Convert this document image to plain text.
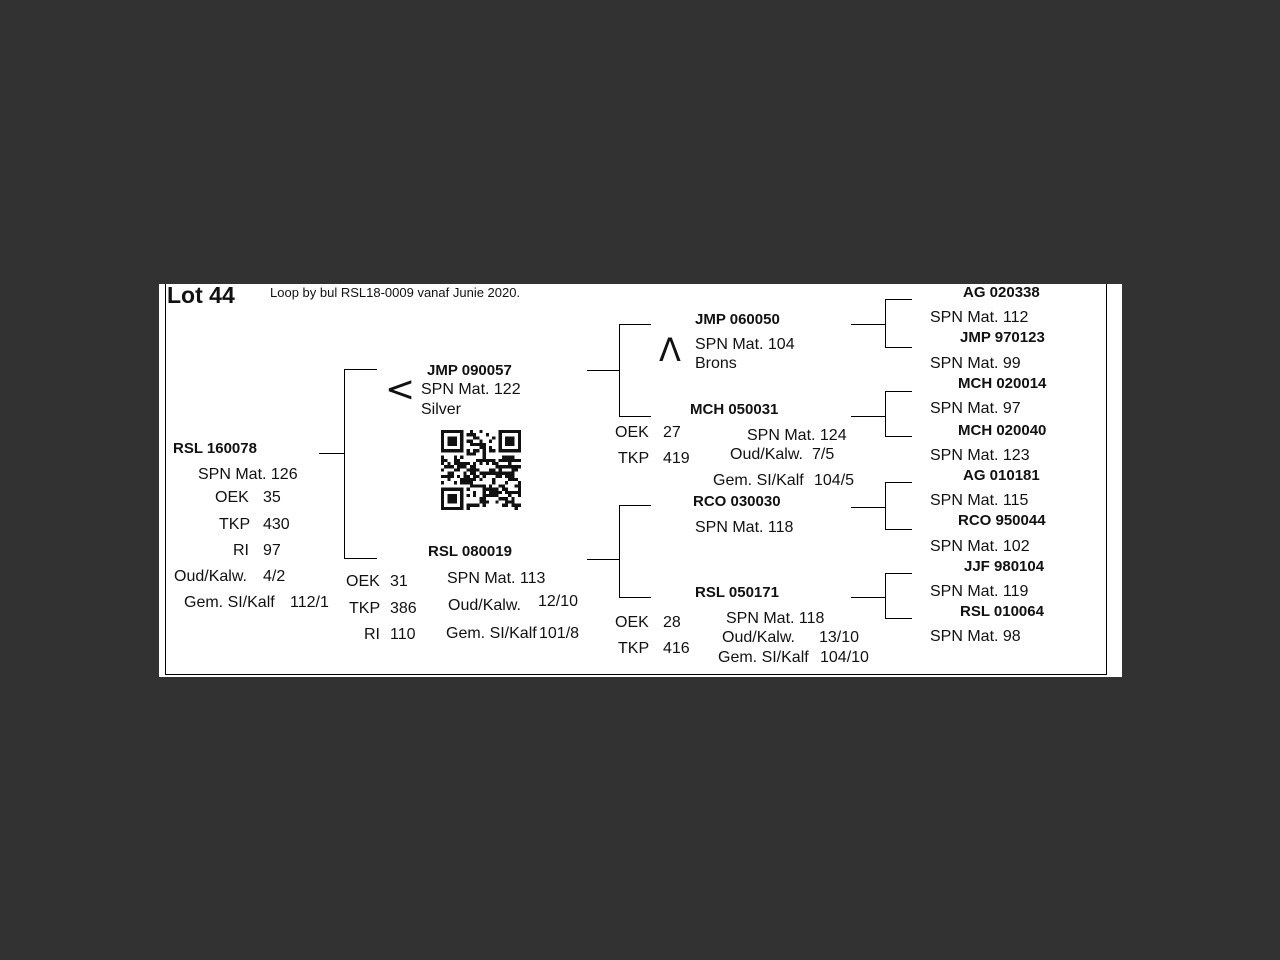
Lot 44	Loop by bul RSL18-0009 vanaf Junie 2020.
RSL 160078
SPN Mat. 126
OEK 35
TKP 430
RI 97
Oud/Kalw. 4/2
Gem. SI/Kalf 112/1
< JMP 090057
SPN Mat. 122
Silver
RSL 080019
SPN Mat. 113
OEK 31
TKP 386
RI 110
Oud/Kalw. 12/10
Gem. SI/Kalf 101/8
JMP 060050
Λ SPN Mat. 104
Brons
MCH 050031
OEK 27
TKP 419
SPN Mat. 124
Oud/Kalw. 7/5
Gem. SI/Kalf 104/5
RCO 030030
SPN Mat. 118
RSL 050171
OEK 28
TKP 416
SPN Mat. 118
Oud/Kalw. 13/10
Gem. SI/Kalf 104/10
AG 020338
SPN Mat. 112
JMP 970123
SPN Mat. 99
MCH 020014
SPN Mat. 97
MCH 020040
SPN Mat. 123
AG 010181
SPN Mat. 115
RCO 950044
SPN Mat. 102
JJF 980104
SPN Mat. 119
RSL 010064
SPN Mat. 98
